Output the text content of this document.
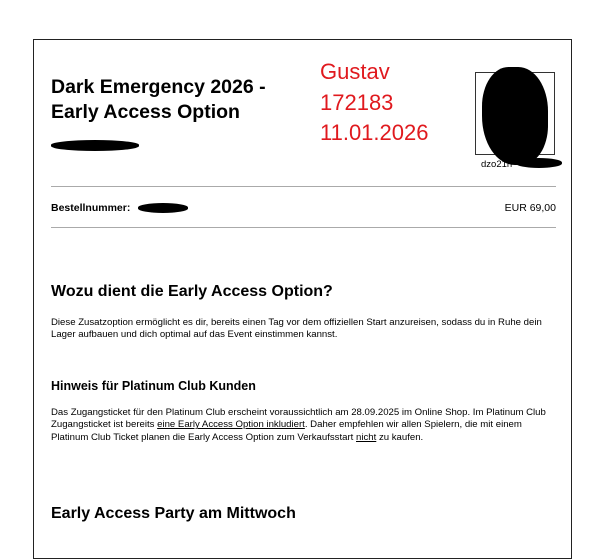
Dark Emergency 2026 -
Early Access Option
Gustav
172183
11.01.2026
dzo21n
Bestellnummer:	EUR 69,00
Wozu dient die Early Access Option?

Diese Zusatzoption ermöglicht es dir, bereits einen Tag vor dem offiziellen Start anzureisen, sodass du in Ruhe dein Lager aufbauen und dich optimal auf das Event einstimmen kannst.

Hinweis für Platinum Club Kunden

Das Zugangsticket für den Platinum Club erscheint voraussichtlich am 28.09.2025 im Online Shop. Im Platinum Club Zugangsticket ist bereits eine Early Access Option inkludiert. Daher empfehlen wir allen Spielern, die mit einem Platinum Club Ticket planen die Early Access Option zum Verkaufsstart nicht zu kaufen.

Early Access Party am Mittwoch
